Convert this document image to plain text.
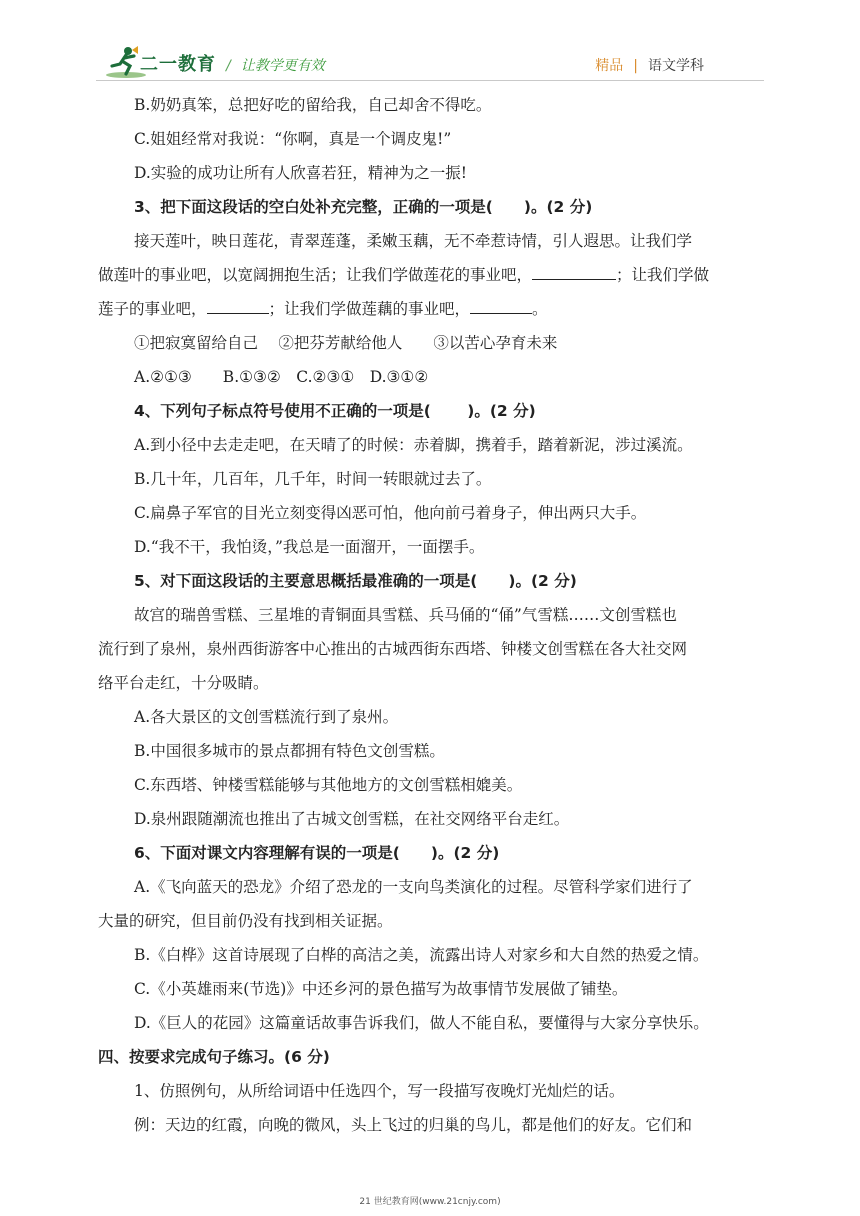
二一教育 / 让教学更有效	精品 | 语文学科
B.奶奶真笨，总把好吃的留给我，自己却舍不得吃。
C.姐姐经常对我说：“你啊，真是一个调皮鬼!”
D.实验的成功让所有人欣喜若狂，精神为之一振!
3、把下面这段话的空白处补充完整，正确的一项是(　　)。(2 分)
接天莲叶，映日莲花，青翠莲蓬，柔嫩玉藕，无不牵惹诗情，引人遐思。让我们学
做莲叶的事业吧，以宽阔拥抱生活；让我们学做莲花的事业吧，	；让我们学做
莲子的事业吧，	；让我们学做莲藕的事业吧，	。
①把寂寞留给自己　 ②把芬芳献给他人　　③以苦心孕育未来
A.②①③　　B.①③②　C.②③①　D.③①②
4、下列句子标点符号使用不正确的一项是(　　 )。(2 分)
A.到小径中去走走吧，在天晴了的时候：赤着脚，携着手，踏着新泥，涉过溪流。
B.几十年，几百年，几千年，时间一转眼就过去了。
C.扁鼻子军官的目光立刻变得凶恶可怕，他向前弓着身子，伸出两只大手。
D.“我不干，我怕烫，”我总是一面溜开，一面摆手。
5、对下面这段话的主要意思概括最准确的一项是(　　)。(2 分)
故宫的瑞兽雪糕、三星堆的青铜面具雪糕、兵马俑的“俑”气雪糕……文创雪糕也
流行到了泉州，泉州西街游客中心推出的古城西街东西塔、钟楼文创雪糕在各大社交网
络平台走红，十分吸睛。
A.各大景区的文创雪糕流行到了泉州。
B.中国很多城市的景点都拥有特色文创雪糕。
C.东西塔、钟楼雪糕能够与其他地方的文创雪糕相媲美。
D.泉州跟随潮流也推出了古城文创雪糕，在社交网络平台走红。
6、下面对课文内容理解有误的一项是(　　)。(2 分)
A.《飞向蓝天的恐龙》介绍了恐龙的一支向鸟类演化的过程。尽管科学家们进行了
大量的研究，但目前仍没有找到相关证据。
B.《白桦》这首诗展现了白桦的高洁之美，流露出诗人对家乡和大自然的热爱之情。
C.《小英雄雨来(节选)》中还乡河的景色描写为故事情节发展做了铺垫。
D.《巨人的花园》这篇童话故事告诉我们，做人不能自私，要懂得与大家分享快乐。
四、按要求完成句子练习。(6 分)
1、仿照例句，从所给词语中任选四个，写一段描写夜晚灯光灿烂的话。
例：天边的红霞，向晚的微风，头上飞过的归巢的鸟儿，都是他们的好友。它们和
21 世纪教育网(www.21cnjy.com)
